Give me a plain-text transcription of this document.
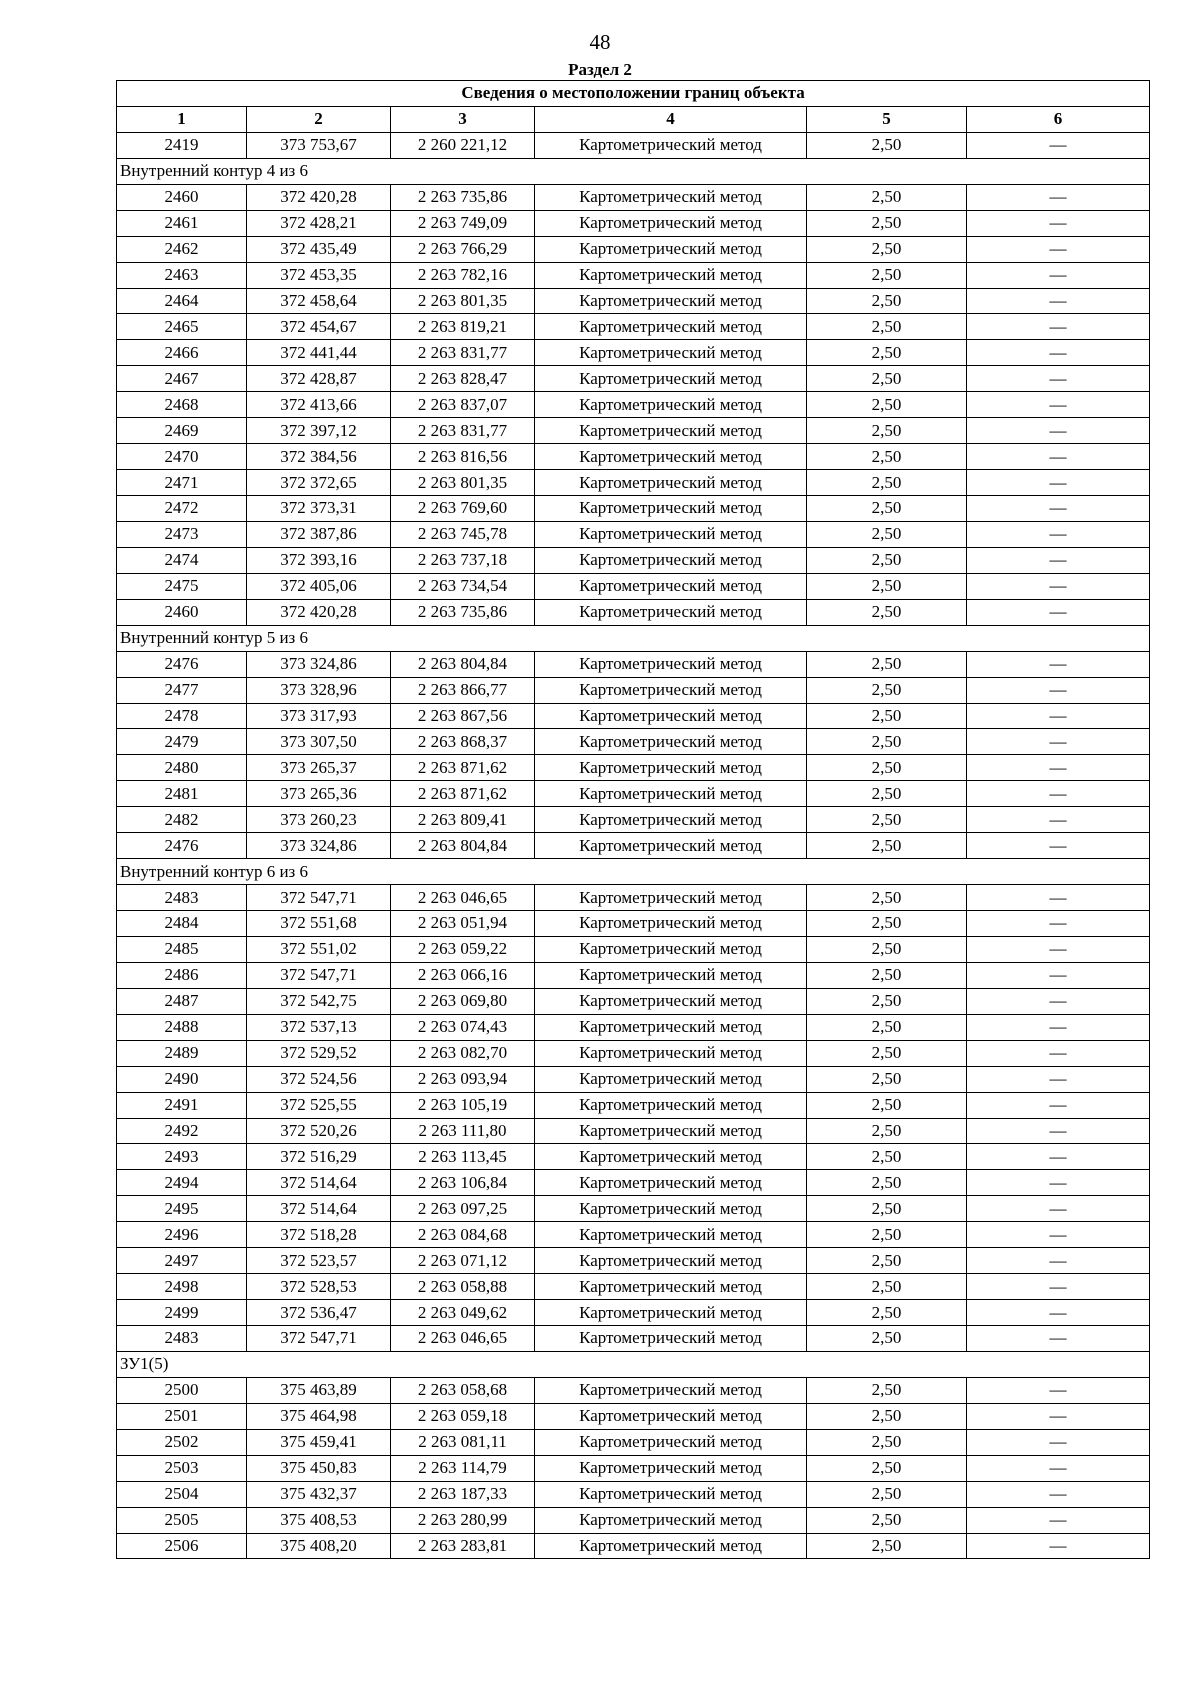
48
Раздел 2
Сведения о местоположении границ объекта					
1	2	3	4	5	6
2419	373 753,67	2 260 221,12	Картометрический метод	2,50	—
Внутренний контур 4 из 6					
2460	372 420,28	2 263 735,86	Картометрический метод	2,50	—
2461	372 428,21	2 263 749,09	Картометрический метод	2,50	—
2462	372 435,49	2 263 766,29	Картометрический метод	2,50	—
2463	372 453,35	2 263 782,16	Картометрический метод	2,50	—
2464	372 458,64	2 263 801,35	Картометрический метод	2,50	—
2465	372 454,67	2 263 819,21	Картометрический метод	2,50	—
2466	372 441,44	2 263 831,77	Картометрический метод	2,50	—
2467	372 428,87	2 263 828,47	Картометрический метод	2,50	—
2468	372 413,66	2 263 837,07	Картометрический метод	2,50	—
2469	372 397,12	2 263 831,77	Картометрический метод	2,50	—
2470	372 384,56	2 263 816,56	Картометрический метод	2,50	—
2471	372 372,65	2 263 801,35	Картометрический метод	2,50	—
2472	372 373,31	2 263 769,60	Картометрический метод	2,50	—
2473	372 387,86	2 263 745,78	Картометрический метод	2,50	—
2474	372 393,16	2 263 737,18	Картометрический метод	2,50	—
2475	372 405,06	2 263 734,54	Картометрический метод	2,50	—
2460	372 420,28	2 263 735,86	Картометрический метод	2,50	—
Внутренний контур 5 из 6					
2476	373 324,86	2 263 804,84	Картометрический метод	2,50	—
2477	373 328,96	2 263 866,77	Картометрический метод	2,50	—
2478	373 317,93	2 263 867,56	Картометрический метод	2,50	—
2479	373 307,50	2 263 868,37	Картометрический метод	2,50	—
2480	373 265,37	2 263 871,62	Картометрический метод	2,50	—
2481	373 265,36	2 263 871,62	Картометрический метод	2,50	—
2482	373 260,23	2 263 809,41	Картометрический метод	2,50	—
2476	373 324,86	2 263 804,84	Картометрический метод	2,50	—
Внутренний контур 6 из 6					
2483	372 547,71	2 263 046,65	Картометрический метод	2,50	—
2484	372 551,68	2 263 051,94	Картометрический метод	2,50	—
2485	372 551,02	2 263 059,22	Картометрический метод	2,50	—
2486	372 547,71	2 263 066,16	Картометрический метод	2,50	—
2487	372 542,75	2 263 069,80	Картометрический метод	2,50	—
2488	372 537,13	2 263 074,43	Картометрический метод	2,50	—
2489	372 529,52	2 263 082,70	Картометрический метод	2,50	—
2490	372 524,56	2 263 093,94	Картометрический метод	2,50	—
2491	372 525,55	2 263 105,19	Картометрический метод	2,50	—
2492	372 520,26	2 263 111,80	Картометрический метод	2,50	—
2493	372 516,29	2 263 113,45	Картометрический метод	2,50	—
2494	372 514,64	2 263 106,84	Картометрический метод	2,50	—
2495	372 514,64	2 263 097,25	Картометрический метод	2,50	—
2496	372 518,28	2 263 084,68	Картометрический метод	2,50	—
2497	372 523,57	2 263 071,12	Картометрический метод	2,50	—
2498	372 528,53	2 263 058,88	Картометрический метод	2,50	—
2499	372 536,47	2 263 049,62	Картометрический метод	2,50	—
2483	372 547,71	2 263 046,65	Картометрический метод	2,50	—
ЗУ1(5)					
2500	375 463,89	2 263 058,68	Картометрический метод	2,50	—
2501	375 464,98	2 263 059,18	Картометрический метод	2,50	—
2502	375 459,41	2 263 081,11	Картометрический метод	2,50	—
2503	375 450,83	2 263 114,79	Картометрический метод	2,50	—
2504	375 432,37	2 263 187,33	Картометрический метод	2,50	—
2505	375 408,53	2 263 280,99	Картометрический метод	2,50	—
2506	375 408,20	2 263 283,81	Картометрический метод	2,50	—
